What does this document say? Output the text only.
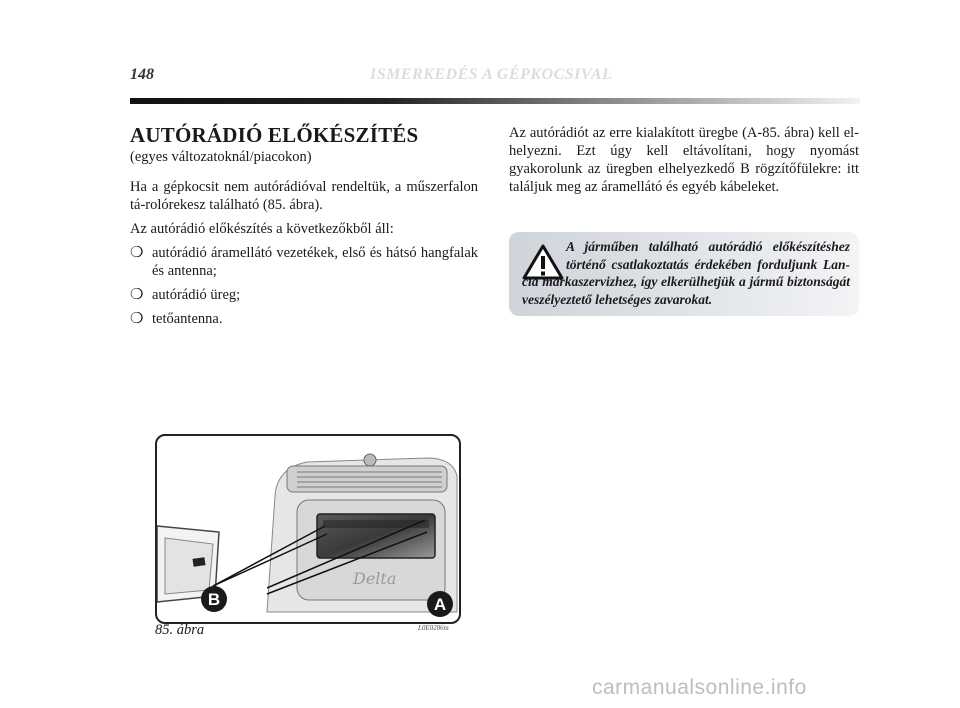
148	ISMERKEDÉS A GÉPKOCSIVAL
AUTÓRÁDIÓ ELŐKÉSZÍTÉS
(egyes változatoknál/piacokon)

Ha a gépkocsit nem autórádióval rendeltük, a műszerfalon tá-rolórekesz található (85. ábra).

Az autórádió előkészítés a következőkből áll:

❍ autórádió áramellátó vezetékek, első és hátsó hangfalak és antenna;
❍ autórádió üreg;
❍ tetőantenna.

Az autórádiót az erre kialakított üregbe (A-85. ábra) kell el-helyezni. Ezt úgy kell eltávolítani, hogy nyomást gyakorolunk az üregben elhelyezkedő B rögzítőfülekre: itt találjuk meg az áramellátó és egyéb kábeleket.

A járműben található autórádió előkészítéshez történő csatlakoztatás érdekében forduljunk Lan-cia márkaszervizhez, így elkerülhetjük a jármű biztonságát veszélyeztető lehetséges zavarokat.

Delta
B	A
85. ábra	L0E0286m
carmanualsonline.info
